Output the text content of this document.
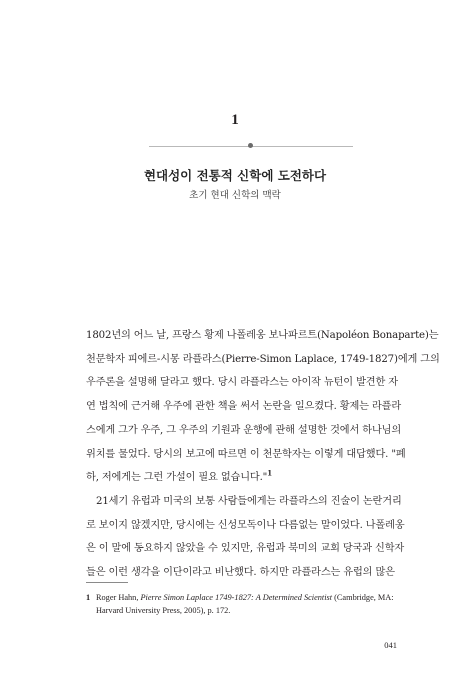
1
현대성이 전통적 신학에 도전하다
초기 현대 신학의 맥락
1802년의 어느 날, 프랑스 황제 나폴레옹 보나파르트(Napoléon Bonaparte)는
천문학자 피에르-시몽 라플라스(Pierre-Simon Laplace, 1749-1827)에게 그의
우주론을 설명해 달라고 했다. 당시 라플라스는 아이작 뉴턴이 발견한 자
연 법칙에 근거해 우주에 관한 책을 써서 논란을 일으켰다. 황제는 라플라
스에게 그가 우주, 그 우주의 기원과 운행에 관해 설명한 것에서 하나님의
위치를 물었다. 당시의 보고에 따르면 이 천문학자는 이렇게 대답했다. "폐
하, 저에게는 그런 가설이 필요 없습니다."$^1$
21세기 유럽과 미국의 보통 사람들에게는 라플라스의 진술이 논란거리
로 보이지 않겠지만, 당시에는 신성모독이나 다름없는 말이었다. 나폴레옹
은 이 말에 동요하지 않았을 수 있지만, 유럽과 북미의 교회 당국과 신학자
들은 이런 생각을 이단이라고 비난했다. 하지만 라플라스는 유럽의 많은
1 Roger Hahn, Pierre Simon Laplace 1749-1827: A Determined Scientist (Cambridge, MA: Harvard University Press, 2005), p. 172.
041
